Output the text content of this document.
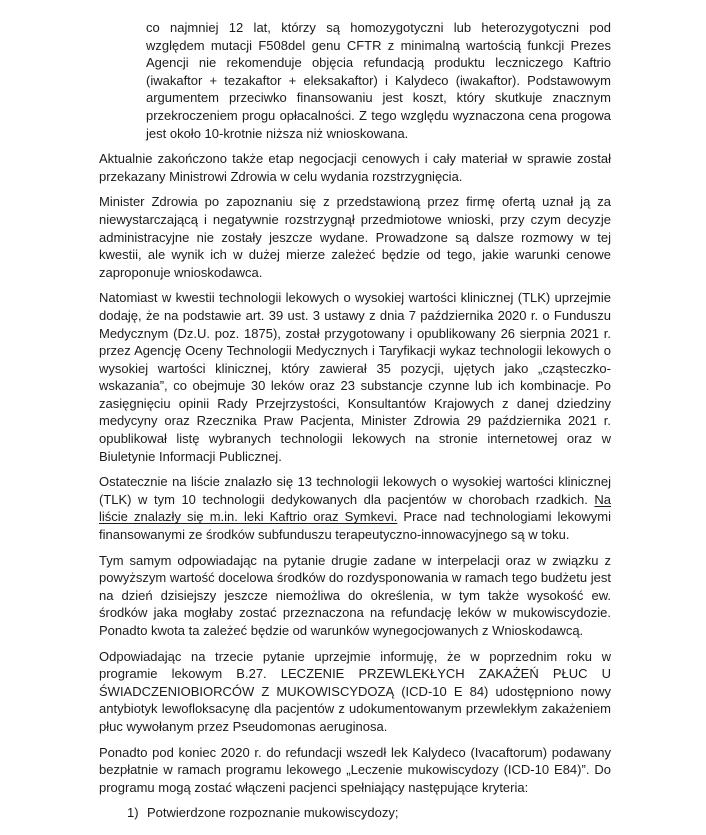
co najmniej 12 lat, którzy są homozygotyczni lub heterozygotyczni pod względem mutacji F508del genu CFTR z minimalną wartością funkcji Prezes Agencji nie rekomenduje objęcia refundacją produktu leczniczego Kaftrio (iwakaftor + tezakaftor + eleksakaftor) i Kalydeco (iwakaftor). Podstawowym argumentem przeciwko finansowaniu jest koszt, który skutkuje znacznym przekroczeniem progu opłacalności. Z tego względu wyznaczona cena progowa jest około 10-krotnie niższa niż wnioskowana.

Aktualnie zakończono także etap negocjacji cenowych i cały materiał w sprawie został przekazany Ministrowi Zdrowia w celu wydania rozstrzygnięcia.

Minister Zdrowia po zapoznaniu się z przedstawioną przez firmę ofertą uznał ją za niewystarczającą i negatywnie rozstrzygnął przedmiotowe wnioski, przy czym decyzje administracyjne nie zostały jeszcze wydane. Prowadzone są dalsze rozmowy w tej kwestii, ale wynik ich w dużej mierze zależeć będzie od tego, jakie warunki cenowe zaproponuje wnioskodawca.

Natomiast w kwestii technologii lekowych o wysokiej wartości klinicznej (TLK) uprzejmie dodaję, że na podstawie art. 39 ust. 3 ustawy z dnia 7 października 2020 r. o Funduszu Medycznym (Dz.U. poz. 1875), został przygotowany i opublikowany 26 sierpnia 2021 r. przez Agencję Oceny Technologii Medycznych i Taryfikacji wykaz technologii lekowych o wysokiej wartości klinicznej, który zawierał 35 pozycji, ujętych jako „cząsteczko-wskazania”, co obejmuje 30 leków oraz 23 substancje czynne lub ich kombinacje. Po zasięgnięciu opinii Rady Przejrzystości, Konsultantów Krajowych z danej dziedziny medycyny oraz Rzecznika Praw Pacjenta, Minister Zdrowia 29 października 2021 r. opublikował listę wybranych technologii lekowych na stronie internetowej oraz w Biuletynie Informacji Publicznej.

Ostatecznie na liście znalazło się 13 technologii lekowych o wysokiej wartości klinicznej (TLK) w tym 10 technologii dedykowanych dla pacjentów w chorobach rzadkich. Na liście znalazły się m.in. leki Kaftrio oraz Symkevi. Prace nad technologiami lekowymi finansowanymi ze środków subfunduszu terapeutyczno-innowacyjnego są w toku.

Tym samym odpowiadając na pytanie drugie zadane w interpelacji oraz w związku z powyższym wartość docelowa środków do rozdysponowania w ramach tego budżetu jest na dzień dzisiejszy jeszcze niemożliwa do określenia, w tym także wysokość ew. środków jaka mogłaby zostać przeznaczona na refundację leków w mukowiscydozie. Ponadto kwota ta zależeć będzie od warunków wynegocjowanych z Wnioskodawcą.

Odpowiadając na trzecie pytanie uprzejmie informuję, że w poprzednim roku w programie lekowym B.27. LECZENIE PRZEWLEKŁYCH ZAKAŻEŃ PŁUC U ŚWIADCZENIOBIORCÓW Z MUKOWISCYDOZĄ (ICD-10 E 84) udostępniono nowy antybiotyk lewofloksacynę dla pacjentów z udokumentowanym przewlekłym zakażeniem płuc wywołanym przez Pseudomonas aeruginosa.

Ponadto pod koniec 2020 r. do refundacji wszedł lek Kalydeco (Ivacaftorum) podawany bezpłatnie w ramach programu lekowego „Leczenie mukowiscydozy (ICD-10 E84)”. Do programu mogą zostać włączeni pacjenci spełniający następujące kryteria:

1) Potwierdzone rozpoznanie mukowiscydozy;
